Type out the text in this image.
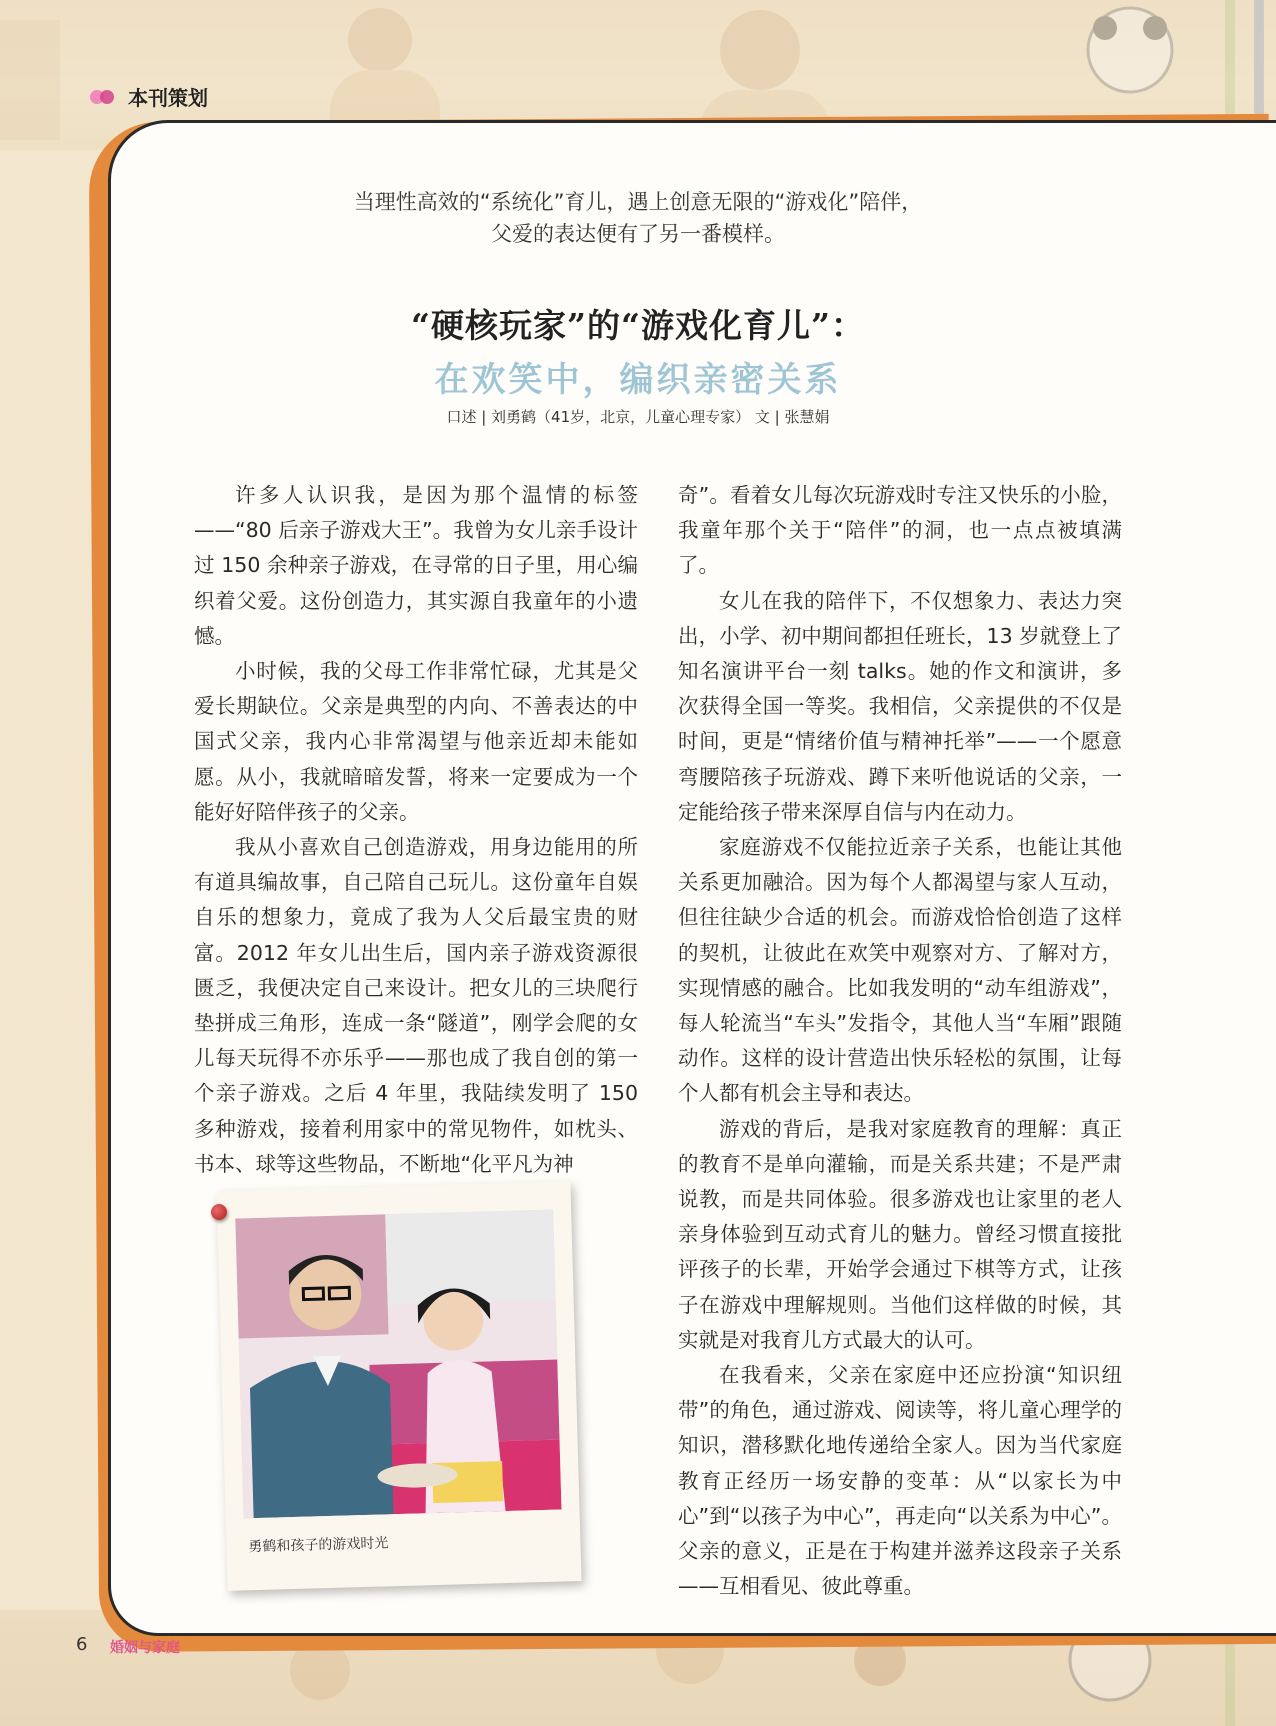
本刊策划
当理性高效的“系统化”育儿，遇上创意无限的“游戏化”陪伴，
父爱的表达便有了另一番模样。
“硬核玩家”的“游戏化育儿”：
在欢笑中，编织亲密关系
口述 | 刘勇鹤（41岁，北京，儿童心理专家） 文 | 张慧娟

许多人认识我，是因为那个温情的标签——“80 后亲子游戏大王”。我曾为女儿亲手设计过 150 余种亲子游戏，在寻常的日子里，用心编织着父爱。这份创造力，其实源自我童年的小遗憾。

小时候，我的父母工作非常忙碌，尤其是父爱长期缺位。父亲是典型的内向、不善表达的中国式父亲，我内心非常渴望与他亲近却未能如愿。从小，我就暗暗发誓，将来一定要成为一个能好好陪伴孩子的父亲。

我从小喜欢自己创造游戏，用身边能用的所有道具编故事，自己陪自己玩儿。这份童年自娱自乐的想象力，竟成了我为人父后最宝贵的财富。2012 年女儿出生后，国内亲子游戏资源很匮乏，我便决定自己来设计。把女儿的三块爬行垫拼成三角形，连成一条“隧道”，刚学会爬的女儿每天玩得不亦乐乎——那也成了我自创的第一个亲子游戏。之后 4 年里，我陆续发明了 150 多种游戏，接着利用家中的常见物件，如枕头、书本、球等这些物品，不断地“化平凡为神

奇”。看着女儿每次玩游戏时专注又快乐的小脸，我童年那个关于“陪伴”的洞，也一点点被填满了。

女儿在我的陪伴下，不仅想象力、表达力突出，小学、初中期间都担任班长，13 岁就登上了知名演讲平台一刻 talks。她的作文和演讲，多次获得全国一等奖。我相信，父亲提供的不仅是时间，更是“情绪价值与精神托举”——一个愿意弯腰陪孩子玩游戏、蹲下来听他说话的父亲，一定能给孩子带来深厚自信与内在动力。

家庭游戏不仅能拉近亲子关系，也能让其他关系更加融洽。因为每个人都渴望与家人互动，但往往缺少合适的机会。而游戏恰恰创造了这样的契机，让彼此在欢笑中观察对方、了解对方，实现情感的融合。比如我发明的“动车组游戏”，每人轮流当“车头”发指令，其他人当“车厢”跟随动作。这样的设计营造出快乐轻松的氛围，让每个人都有机会主导和表达。

游戏的背后，是我对家庭教育的理解：真正的教育不是单向灌输，而是关系共建；不是严肃说教，而是共同体验。很多游戏也让家里的老人亲身体验到互动式育儿的魅力。曾经习惯直接批评孩子的长辈，开始学会通过下棋等方式，让孩子在游戏中理解规则。当他们这样做的时候，其实就是对我育儿方式最大的认可。

在我看来，父亲在家庭中还应扮演“知识纽带”的角色，通过游戏、阅读等，将儿童心理学的知识，潜移默化地传递给全家人。因为当代家庭教育正经历一场安静的变革：从“以家长为中心”到“以孩子为中心”，再走向“以关系为中心”。父亲的意义，正是在于构建并滋养这段亲子关系——互相看见、彼此尊重。

勇鹤和孩子的游戏时光
6 婚姻与家庭
